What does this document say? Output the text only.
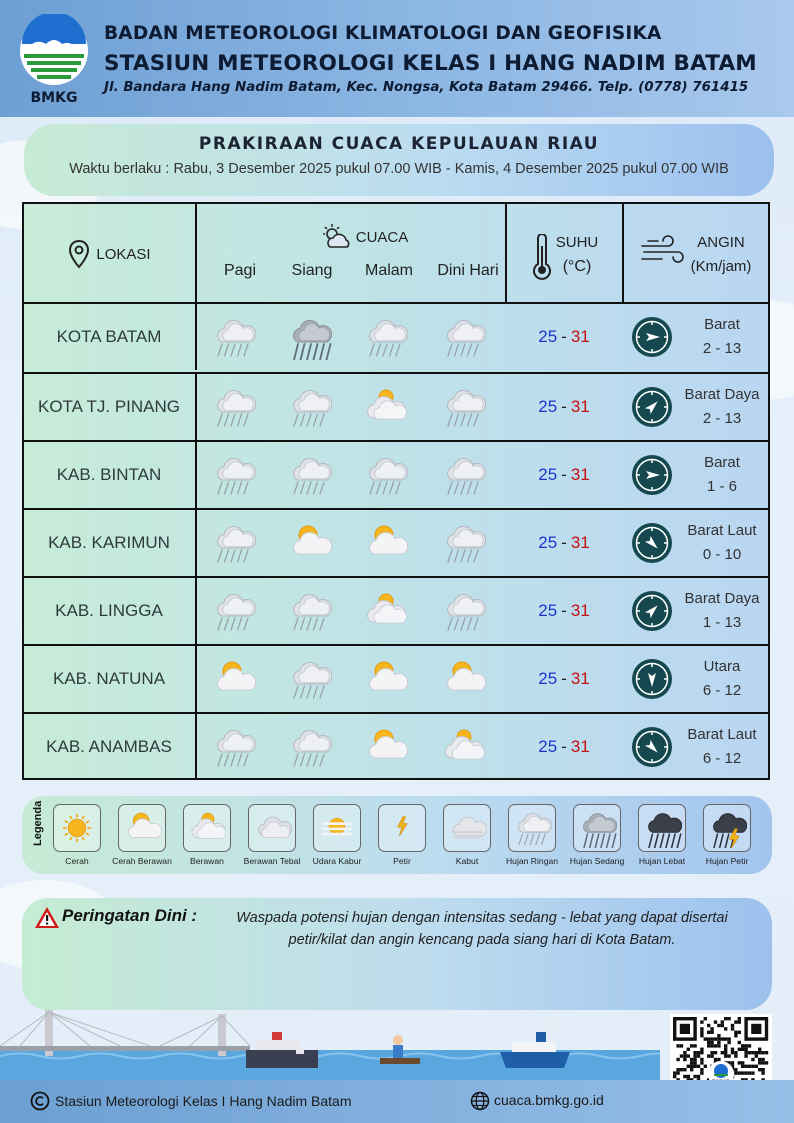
BMKG
BADAN METEOROLOGI KLIMATOLOGI DAN GEOFISIKA
STASIUN METEOROLOGI KELAS I HANG NADIM BATAM
Jl. Bandara Hang Nadim Batam, Kec. Nongsa, Kota Batam 29466. Telp. (0778) 761415
PRAKIRAAN CUACA KEPULAUAN RIAU
Waktu berlaku : Rabu, 3 Desember 2025 pukul 07.00 WIB - Kamis, 4 Desember 2025 pukul 07.00 WIB
LOKASI
CUACA
Pagi	Siang	Malam	Dini Hari
SUHU
(°C)
ANGIN
(Km/jam)
KOTA BATAM	25 - 31
Barat
2 - 13
KOTA TJ. PINANG	25 - 31
Barat Daya
2 - 13
KAB. BINTAN	25 - 31
Barat
1 - 6
KAB. KARIMUN	25 - 31
Barat Laut
0 - 10
KAB. LINGGA	25 - 31
Barat Daya
1 - 13
KAB. NATUNA	25 - 31
Utara
6 - 12
KAB. ANAMBAS	25 - 31
Barat Laut
6 - 12
Legenda
Cerah	Cerah Berawan	Berawan	Berawan Tebal	Udara Kabur	Petir	Kabut	Hujan Ringan	Hujan Sedang	Hujan Lebat	Hujan Petir
Peringatan Dini :	Waspada potensi hujan dengan intensitas sedang - lebat yang dapat disertai petir/kilat dan angin kencang pada siang hari di Kota Batam.
Stasiun Meteorologi Kelas I Hang Nadim Batam	cuaca.bmkg.go.id
